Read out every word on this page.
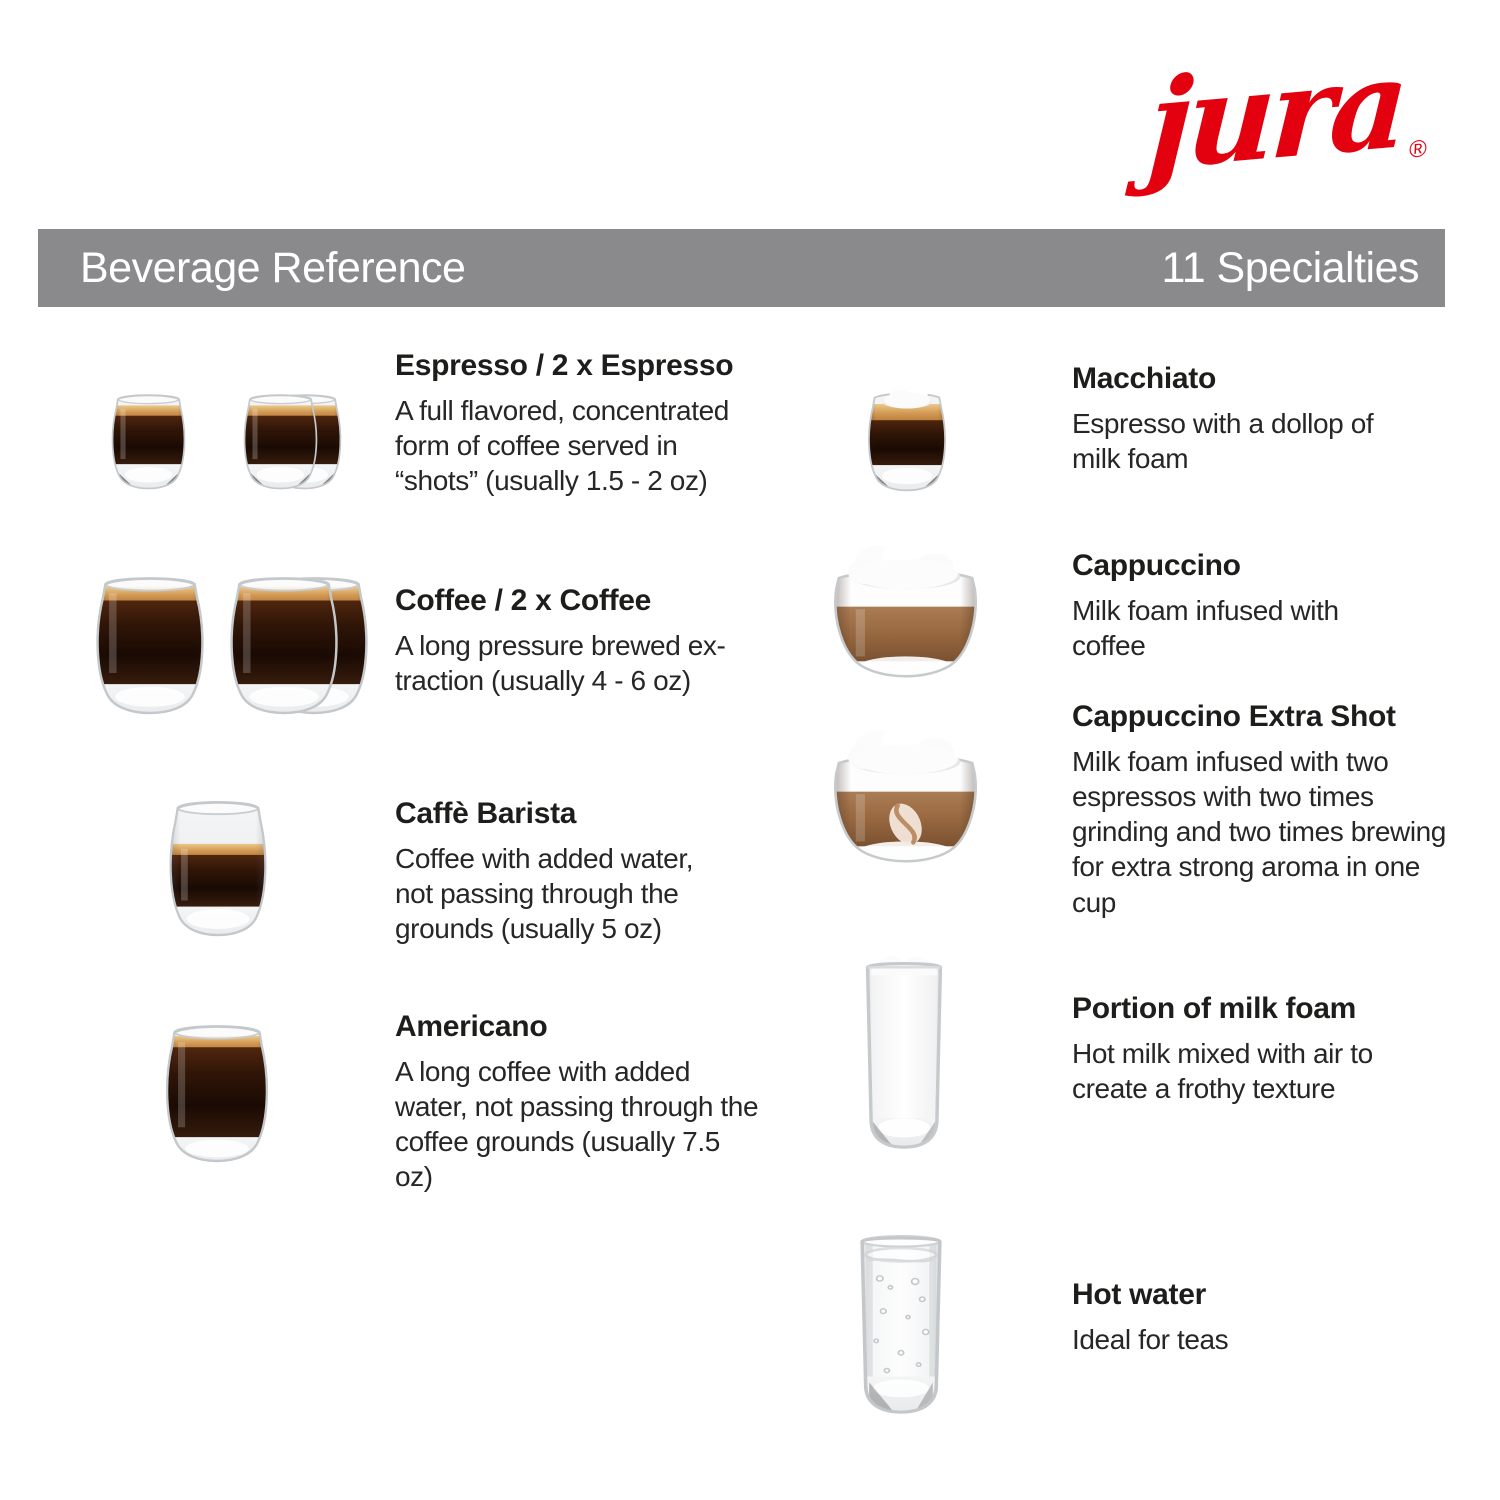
jura®
Beverage Reference	11 Specialties
Espresso / 2 x Espresso

A full flavored, concentrated form of coffee served in “shots” (usually 1.5 - 2 oz)

Coffee / 2 x Coffee

A long pressure brewed ex-traction (usually 4 - 6 oz)

Caffè Barista

Coffee with added water, not passing through the grounds (usually 5 oz)

Americano

A long coffee with added water, not passing through the coffee grounds (usually 7.5 oz)

Macchiato

Espresso with a dollop of milk foam

Cappuccino

Milk foam infused with coffee

Cappuccino Extra Shot

Milk foam infused with two espressos with two times grinding and two times brewing for extra strong aroma in one cup

Portion of milk foam

Hot milk mixed with air to create a frothy texture

Hot water

Ideal for teas
